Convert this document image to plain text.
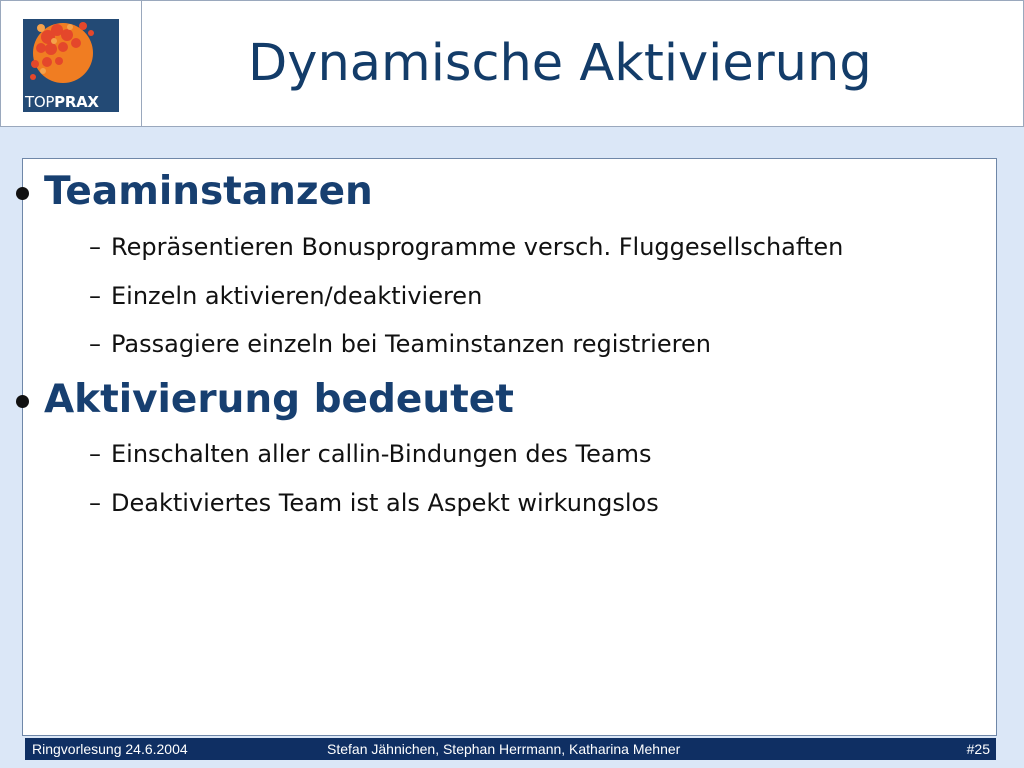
TOPPRAX
Dynamische Aktivierung
Teaminstanzen
– Repräsentieren Bonusprogramme versch. Fluggesellschaften
– Einzeln aktivieren/deaktivieren
– Passagiere einzeln bei Teaminstanzen registrieren
Aktivierung bedeutet
– Einschalten aller callin-Bindungen des Teams
– Deaktiviertes Team ist als Aspekt wirkungslos
Ringvorlesung 24.6.2004	Stefan Jähnichen, Stephan Herrmann, Katharina Mehner	#25
